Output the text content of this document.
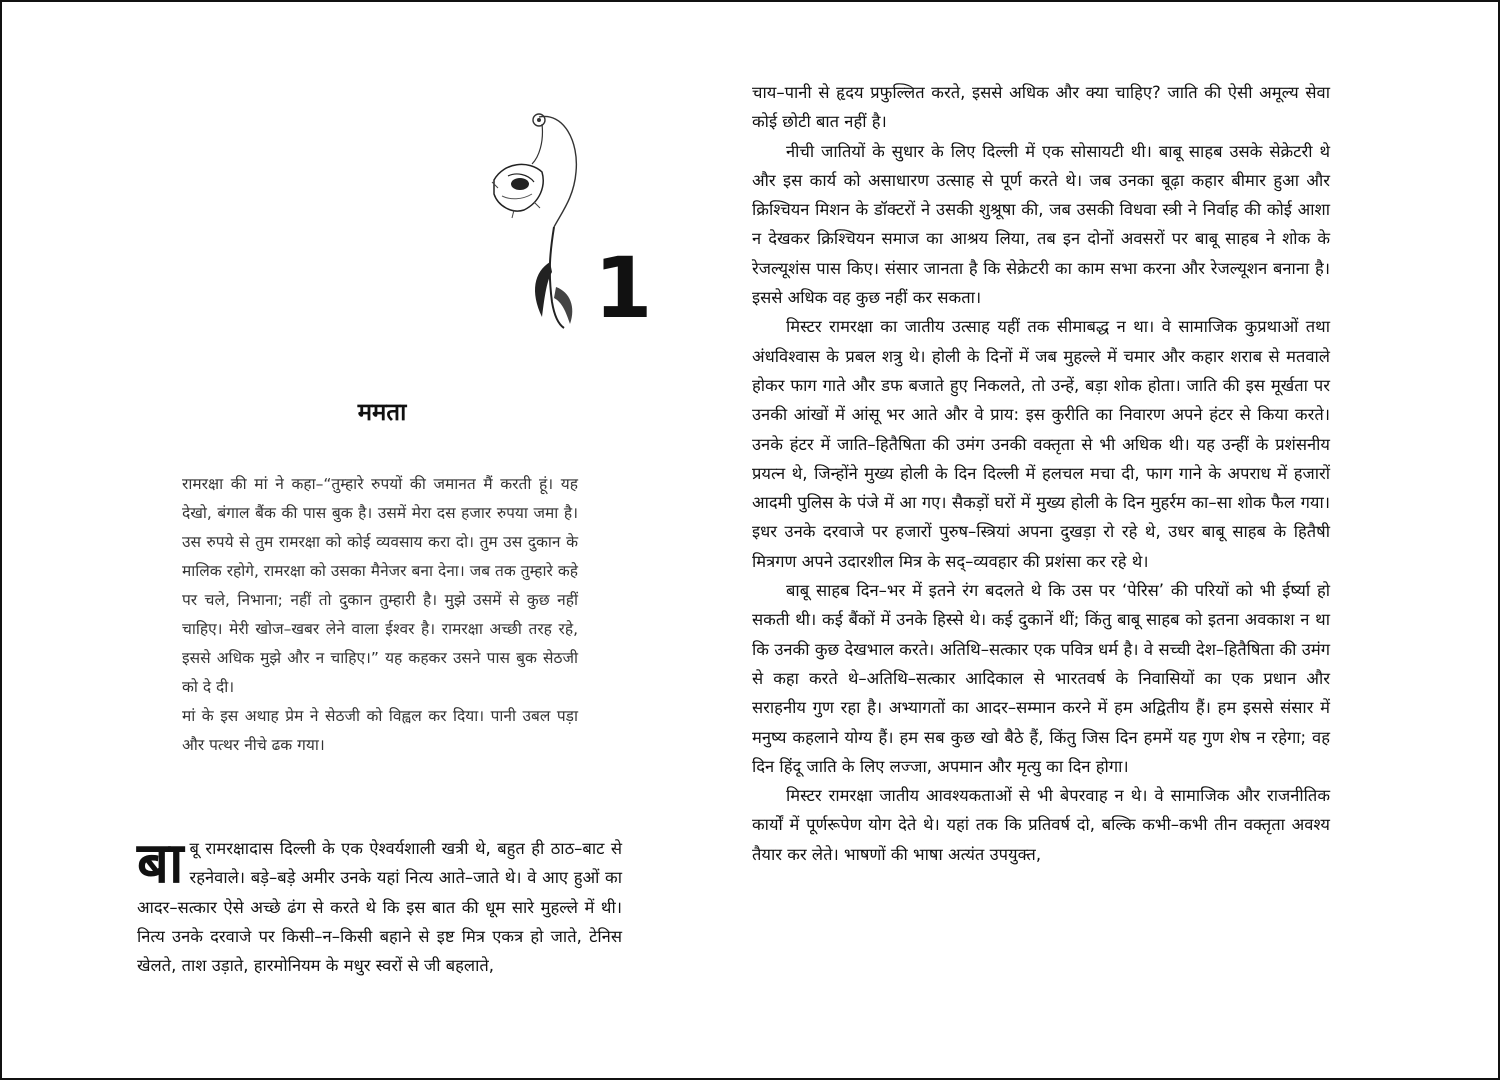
1
ममता

रामरक्षा की मां ने कहा–“तुम्हारे रुपयों की जमानत मैं करती हूं। यह देखो, बंगाल बैंक की पास बुक है। उसमें मेरा दस हजार रुपया जमा है। उस रुपये से तुम रामरक्षा को कोई व्यवसाय करा दो। तुम उस दुकान के मालिक रहोगे, रामरक्षा को उसका मैनेजर बना देना। जब तक तुम्हारे कहे पर चले, निभाना; नहीं तो दुकान तुम्हारी है। मुझे उसमें से कुछ नहीं चाहिए। मेरी खोज–खबर लेने वाला ईश्वर है। रामरक्षा अच्छी तरह रहे, इससे अधिक मुझे और न चाहिए।” यह कहकर उसने पास बुक सेठजी को दे दी।

मां के इस अथाह प्रेम ने सेठजी को विह्वल कर दिया। पानी उबल पड़ा और पत्थर नीचे ढक गया।

बाबू रामरक्षादास दिल्ली के एक ऐश्वर्यशाली खत्री थे, बहुत ही ठाठ–बाट से रहनेवाले। बड़े–बड़े अमीर उनके यहां नित्य आते–जाते थे। वे आए हुओं का आदर–सत्कार ऐसे अच्छे ढंग से करते थे कि इस बात की धूम सारे मुहल्ले में थी। नित्य उनके दरवाजे पर किसी–न–किसी बहाने से इष्ट मित्र एकत्र हो जाते, टेनिस खेलते, ताश उड़ाते, हारमोनियम के मधुर स्वरों से जी बहलाते,

चाय–पानी से हृदय प्रफुल्लित करते, इससे अधिक और क्या चाहिए? जाति की ऐसी अमूल्य सेवा कोई छोटी बात नहीं है।

नीची जातियों के सुधार के लिए दिल्ली में एक सोसायटी थी। बाबू साहब उसके सेक्रेटरी थे और इस कार्य को असाधारण उत्साह से पूर्ण करते थे। जब उनका बूढ़ा कहार बीमार हुआ और क्रिश्चियन मिशन के डॉक्टरों ने उसकी शुश्रूषा की, जब उसकी विधवा स्त्री ने निर्वाह की कोई आशा न देखकर क्रिश्चियन समाज का आश्रय लिया, तब इन दोनों अवसरों पर बाबू साहब ने शोक के रेजल्यूशंस पास किए। संसार जानता है कि सेक्रेटरी का काम सभा करना और रेजल्यूशन बनाना है। इससे अधिक वह कुछ नहीं कर सकता।

मिस्टर रामरक्षा का जातीय उत्साह यहीं तक सीमाबद्ध न था। वे सामाजिक कुप्रथाओं तथा अंधविश्वास के प्रबल शत्रु थे। होली के दिनों में जब मुहल्ले में चमार और कहार शराब से मतवाले होकर फाग गाते और डफ बजाते हुए निकलते, तो उन्हें, बड़ा शोक होता। जाति की इस मूर्खता पर उनकी आंखों में आंसू भर आते और वे प्राय: इस कुरीति का निवारण अपने हंटर से किया करते। उनके हंटर में जाति–हितैषिता की उमंग उनकी वक्तृता से भी अधिक थी। यह उन्हीं के प्रशंसनीय प्रयत्न थे, जिन्होंने मुख्य होली के दिन दिल्ली में हलचल मचा दी, फाग गाने के अपराध में हजारों आदमी पुलिस के पंजे में आ गए। सैकड़ों घरों में मुख्य होली के दिन मुहर्रम का–सा शोक फैल गया। इधर उनके दरवाजे पर हजारों पुरुष–स्त्रियां अपना दुखड़ा रो रहे थे, उधर बाबू साहब के हितैषी मित्रगण अपने उदारशील मित्र के सद्–व्यवहार की प्रशंसा कर रहे थे।

बाबू साहब दिन–भर में इतने रंग बदलते थे कि उस पर ‘पेरिस’ की परियों को भी ईर्ष्या हो सकती थी। कई बैंकों में उनके हिस्से थे। कई दुकानें थीं; किंतु बाबू साहब को इतना अवकाश न था कि उनकी कुछ देखभाल करते। अतिथि–सत्कार एक पवित्र धर्म है। वे सच्ची देश–हितैषिता की उमंग से कहा करते थे–अतिथि–सत्कार आदिकाल से भारतवर्ष के निवासियों का एक प्रधान और सराहनीय गुण रहा है। अभ्यागतों का आदर–सम्मान करने में हम अद्वितीय हैं। हम इससे संसार में मनुष्य कहलाने योग्य हैं। हम सब कुछ खो बैठे हैं, किंतु जिस दिन हममें यह गुण शेष न रहेगा; वह दिन हिंदू जाति के लिए लज्जा, अपमान और मृत्यु का दिन होगा।

मिस्टर रामरक्षा जातीय आवश्यकताओं से भी बेपरवाह न थे। वे सामाजिक और राजनीतिक कार्यों में पूर्णरूपेण योग देते थे। यहां तक कि प्रतिवर्ष दो, बल्कि कभी–कभी तीन वक्तृता अवश्य तैयार कर लेते। भाषणों की भाषा अत्यंत उपयुक्त,
